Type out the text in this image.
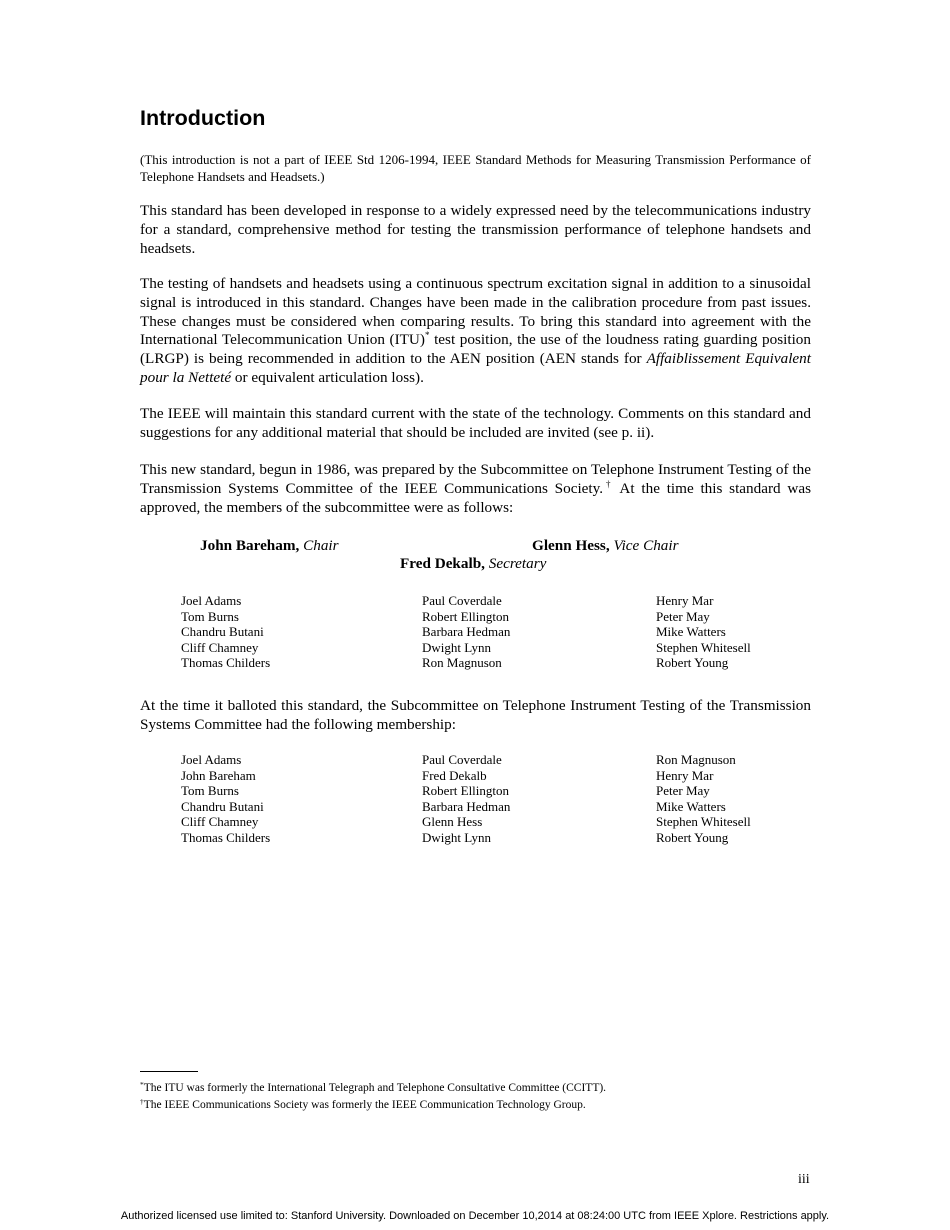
Introduction

(This introduction is not a part of IEEE Std 1206-1994, IEEE Standard Methods for Measuring Transmission Performance of Telephone Handsets and Headsets.)

This standard has been developed in response to a widely expressed need by the telecommunications industry for a standard, comprehensive method for testing the transmission performance of telephone handsets and headsets.

The testing of handsets and headsets using a continuous spectrum excitation signal in addition to a sinusoidal signal is introduced in this standard. Changes have been made in the calibration procedure from past issues. These changes must be considered when comparing results. To bring this standard into agreement with the International Telecommunication Union (ITU)* test position, the use of the loudness rating guarding position (LRGP) is being recommended in addition to the AEN position (AEN stands for Affaiblissement Equivalent pour la Netteté or equivalent articulation loss).

The IEEE will maintain this standard current with the state of the technology. Comments on this standard and suggestions for any additional material that should be included are invited (see p. ii).

This new standard, begun in 1986, was prepared by the Subcommittee on Telephone Instrument Testing of the Transmission Systems Committee of the IEEE Communications Society.† At the time this standard was approved, the members of the subcommittee were as follows:

John Bareham, Chair	Glenn Hess, Vice Chair
Fred Dekalb, Secretary
Joel Adams
Tom Burns
Chandru Butani
Cliff Chamney
Thomas Childers
Paul Coverdale
Robert Ellington
Barbara Hedman
Dwight Lynn
Ron Magnuson
Henry Mar
Peter May
Mike Watters
Stephen Whitesell
Robert Young

At the time it balloted this standard, the Subcommittee on Telephone Instrument Testing of the Transmission Systems Committee had the following membership:

Joel Adams
John Bareham
Tom Burns
Chandru Butani
Cliff Chamney
Thomas Childers
Paul Coverdale
Fred Dekalb
Robert Ellington
Barbara Hedman
Glenn Hess
Dwight Lynn
Ron Magnuson
Henry Mar
Peter May
Mike Watters
Stephen Whitesell
Robert Young
*The ITU was formerly the International Telegraph and Telephone Consultative Committee (CCITT).
†The IEEE Communications Society was formerly the IEEE Communication Technology Group.
iii
Authorized licensed use limited to: Stanford University. Downloaded on December 10,2014 at 08:24:00 UTC from IEEE Xplore. Restrictions apply.
